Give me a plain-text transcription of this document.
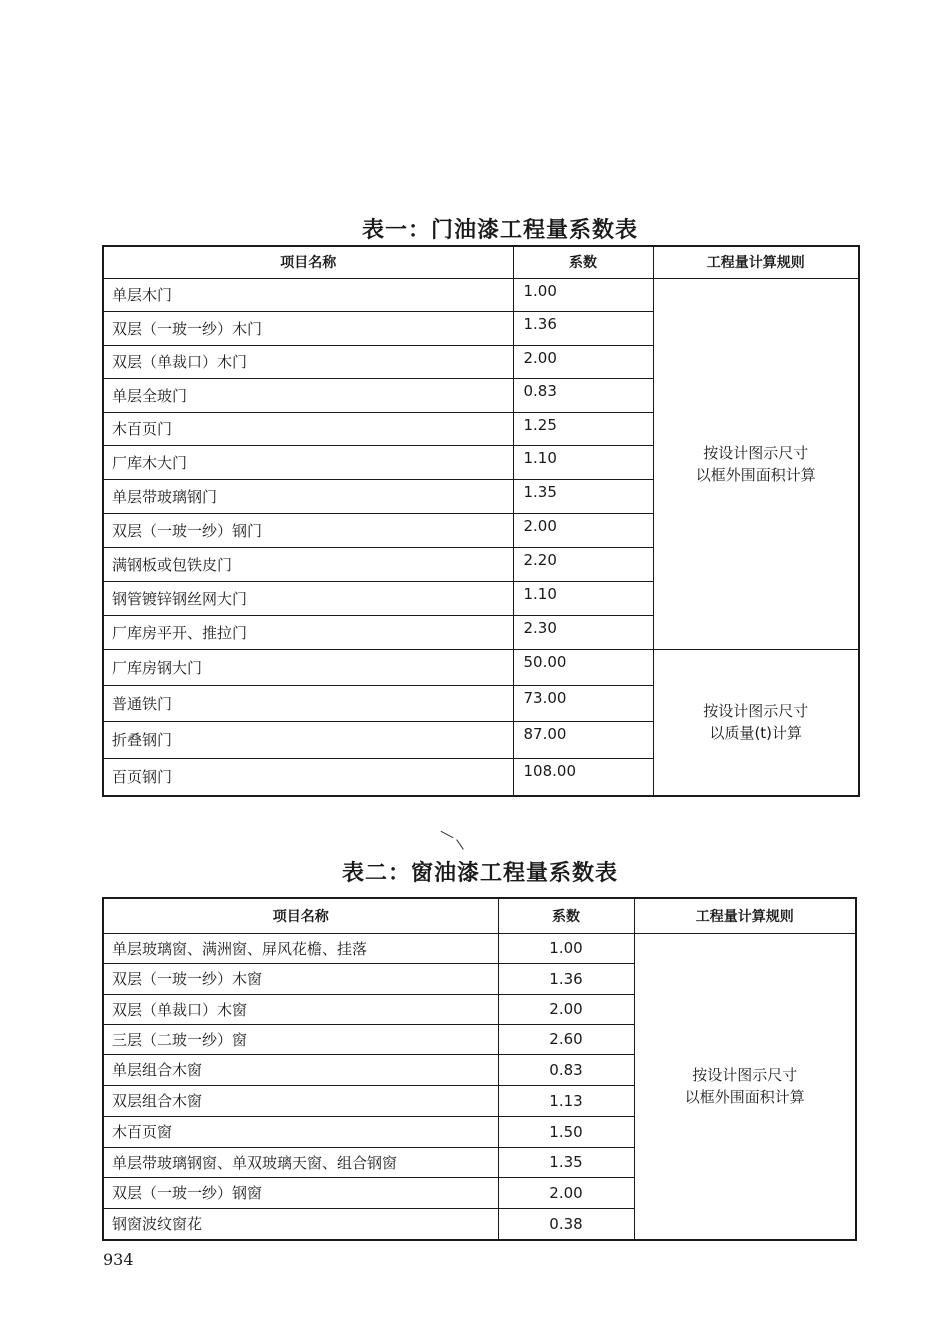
表一：门油漆工程量系数表
项目名称	系数	工程量计算规则
单层木门	1.00	按设计图示尺寸
以框外围面积计算
双层（一玻一纱）木门	1.36	
双层（单裁口）木门	2.00	
单层全玻门	0.83	
木百页门	1.25	
厂库木大门	1.10	
单层带玻璃钢门	1.35	
双层（一玻一纱）钢门	2.00	
满钢板或包铁皮门	2.20	
钢管镀锌钢丝网大门	1.10	
厂库房平开、推拉门	2.30	
厂库房钢大门	50.00	按设计图示尺寸
以质量(t)计算
普通铁门	73.00	
折叠钢门	87.00	
百页钢门	108.00	
表二：窗油漆工程量系数表
项目名称	系数	工程量计算规则
单层玻璃窗、满洲窗、屏风花檐、挂落	1.00	按设计图示尺寸
以框外围面积计算
双层（一玻一纱）木窗	1.36	
双层（单裁口）木窗	2.00	
三层（二玻一纱）窗	2.60	
单层组合木窗	0.83	
双层组合木窗	1.13	
木百页窗	1.50	
单层带玻璃钢窗、单双玻璃天窗、组合钢窗	1.35	
双层（一玻一纱）钢窗	2.00	
钢窗波纹窗花	0.38	
934
